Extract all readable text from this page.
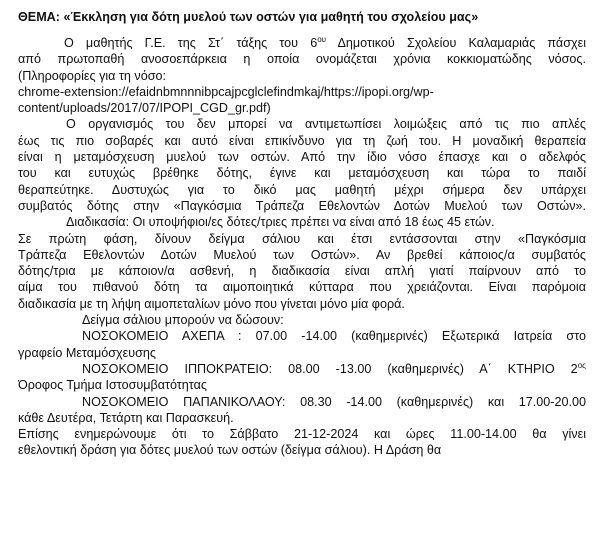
ΘΕΜΑ: «Έκκληση για δότη μυελού των οστών για μαθητή του σχολείου μας»
Ο μαθητής Γ.Ε. της Στ΄ τάξης του $6^{o\upsilon}$ Δημοτικού Σχολείου Καλαμαριάς πάσχει
από πρωτοπαθή ανοσοεπάρκεια η οποία ονομάζεται χρόνια κοκκιοματώδης νόσος.
(Πληροφορίες για τη νόσο:
chrome-extension://efaidnbmnnnibpcajpcglclefindmkaj/https://ipopi.org/wp-
content/uploads/2017/07/IPOPI_CGD_gr.pdf)
Ο οργανισμός του δεν μπορεί να αντιμετωπίσει λοιμώξεις από τις πιο απλές
έως τις πιο σοβαρές και αυτό είναι επικίνδυνο για τη ζωή του. Η μοναδική θεραπεία
είναι η μεταμόσχευση μυελού των οστών. Από την ίδιο νόσο έπασχε και ο αδελφός
του και ευτυχώς βρέθηκε δότης, έγινε και μεταμόσχευση και τώρα το παιδί
θεραπεύτηκε. Δυστυχώς για το δικό μας μαθητή μέχρι σήμερα δεν υπάρχει
συμβατός δότης στην «Παγκόσμια Τράπεζα Εθελοντών Δοτών Μυελού των Οστών».
Διαδικασία: Οι υποψήφιοι/ες δότες/τριες πρέπει να είναι από 18 έως 45 ετών.
Σε πρώτη φάση, δίνουν δείγμα σάλιου και έτσι εντάσσονται στην «Παγκόσμια
Τράπεζα Εθελοντών Δοτών Μυελού των Οστών». Αν βρεθεί κάποιος/α συμβατός
δότης/τρια με κάποιον/α ασθενή, η διαδικασία είναι απλή γιατί παίρνουν από το
αίμα του πιθανού δότη τα αιμοποιητικά κύτταρα που χρειάζονται. Είναι παρόμοια
διαδικασία με τη λήψη αιμοπεταλίων μόνο που γίνεται μόνο μία φορά.
Δείγμα σάλιου μπορούν να δώσουν:
ΝΟΣΟΚΟΜΕΙΟ ΑΧΕΠΑ : 07.00 -14.00 (καθημερινές) Εξωτερικά Ιατρεία στο
γραφείο Μεταμόσχευσης
ΝΟΣΟΚΟΜΕΙΟ ΙΠΠΟΚΡΑΤΕΙΟ: 08.00 -13.00 (καθημερινές) Α΄ ΚΤΗΡΙΟ $2^{o\varsigma}$
Όροφος Τμήμα Ιστοσυμβατότητας
ΝΟΣΟΚΟΜΕΙΟ ΠΑΠΑΝΙΚΟΛΑΟΥ: 08.30 -14.00 (καθημερινές) και 17.00-20.00
κάθε Δευτέρα, Τετάρτη και Παρασκευή.
Επίσης ενημερώνουμε ότι το Σάββατο 21-12-2024 και ώρες 11.00-14.00 θα γίνει
εθελοντική δράση για δότες μυελού των οστών (δείγμα σάλιου). Η Δράση θα
